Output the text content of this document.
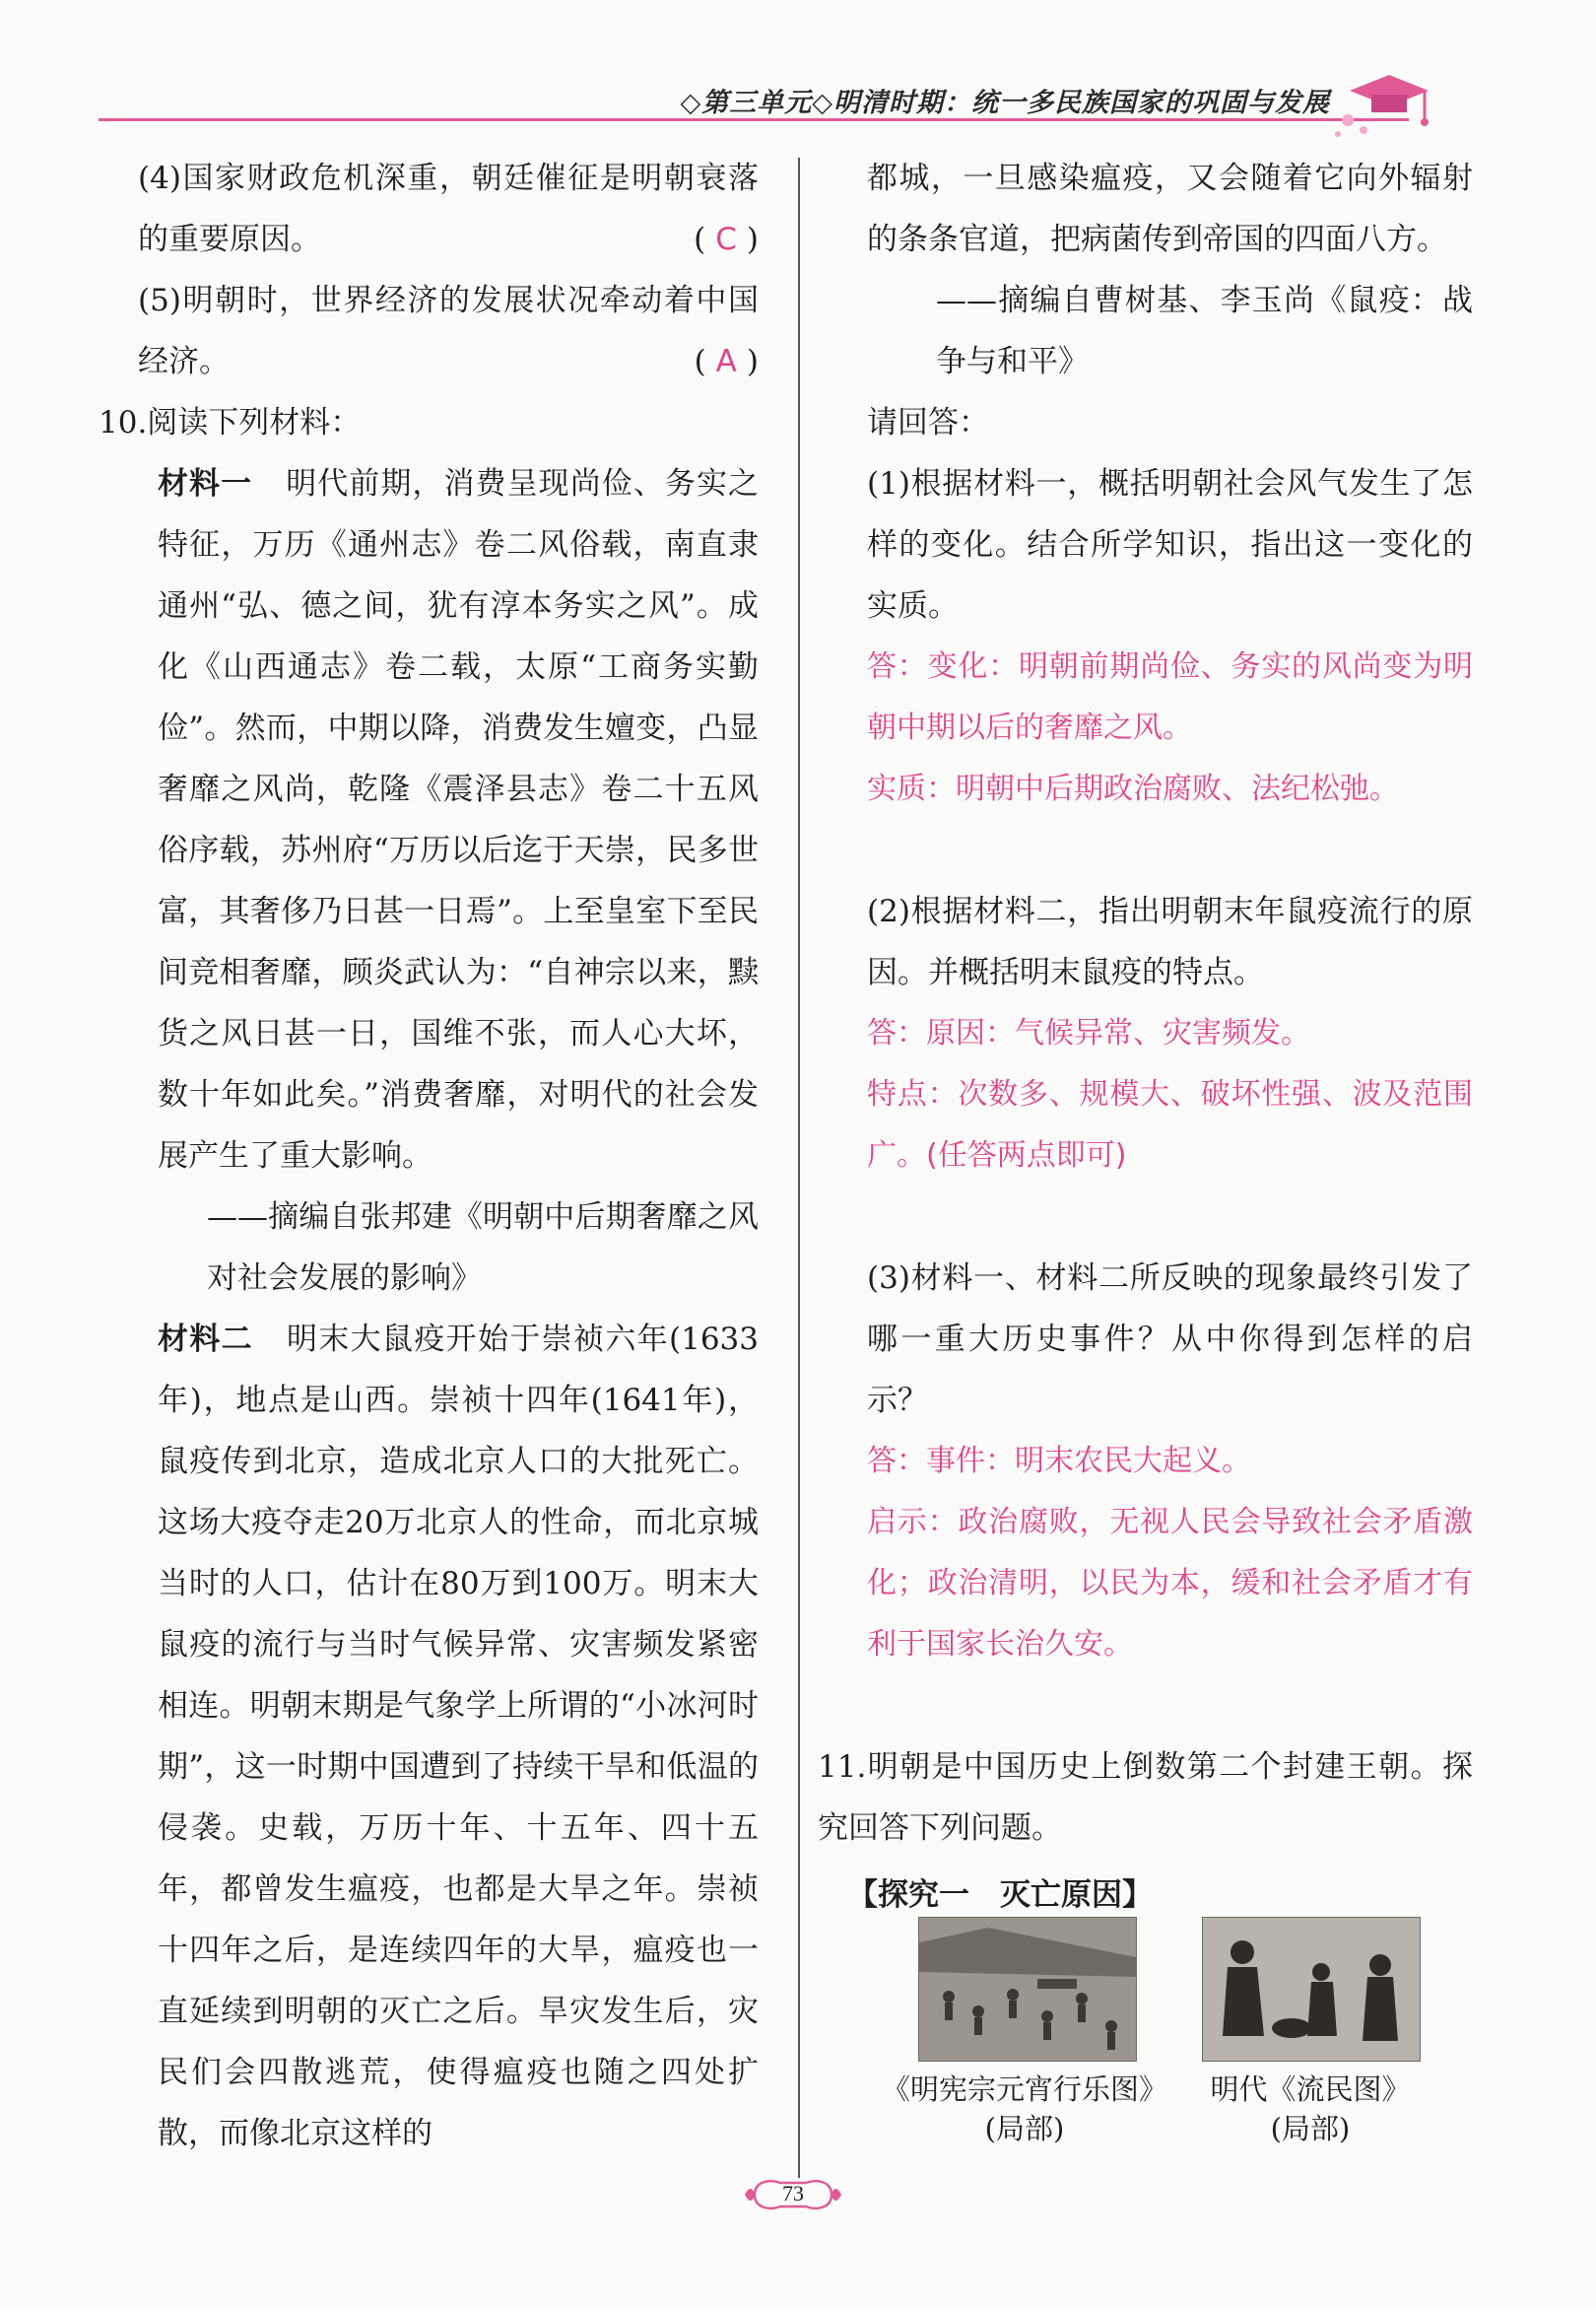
◇第三单元◇明清时期：统一多民族国家的巩固与发展

(4)国家财政危机深重，朝廷催征是明朝衰落的重要原因。	( C )

(5)明朝时，世界经济的发展状况牵动着中国经济。	( A )

10.阅读下列材料：

材料一 明代前期，消费呈现尚俭、务实之特征，万历《通州志》卷二风俗载，南直隶通州“弘、德之间，犹有淳本务实之风”。成化《山西通志》卷二载，太原“工商务实勤俭”。然而，中期以降，消费发生嬗变，凸显奢靡之风尚，乾隆《震泽县志》卷二十五风俗序载，苏州府“万历以后迄于天崇，民多世富，其奢侈乃日甚一日焉”。上至皇室下至民间竞相奢靡，顾炎武认为：“自神宗以来，黩货之风日甚一日，国维不张，而人心大坏，数十年如此矣。”消费奢靡，对明代的社会发展产生了重大影响。

——摘编自张邦建《明朝中后期奢靡之风对社会发展的影响》

材料二 明末大鼠疫开始于崇祯六年(1633年)，地点是山西。崇祯十四年(1641年)，鼠疫传到北京，造成北京人口的大批死亡。这场大疫夺走20万北京人的性命，而北京城当时的人口，估计在80万到100万。明末大鼠疫的流行与当时气候异常、灾害频发紧密相连。明朝末期是气象学上所谓的“小冰河时期”，这一时期中国遭到了持续干旱和低温的侵袭。史载，万历十年、十五年、四十五年，都曾发生瘟疫，也都是大旱之年。崇祯十四年之后，是连续四年的大旱，瘟疫也一直延续到明朝的灭亡之后。旱灾发生后，灾民们会四散逃荒，使得瘟疫也随之四处扩散，而像北京这样的

都城，一旦感染瘟疫，又会随着它向外辐射的条条官道，把病菌传到帝国的四面八方。

——摘编自曹树基、李玉尚《鼠疫：战争与和平》

请回答：

(1)根据材料一，概括明朝社会风气发生了怎样的变化。结合所学知识，指出这一变化的实质。

答：变化：明朝前期尚俭、务实的风尚变为明朝中期以后的奢靡之风。

实质：明朝中后期政治腐败、法纪松弛。

(2)根据材料二，指出明朝末年鼠疫流行的原因。并概括明末鼠疫的特点。

答：原因：气候异常、灾害频发。

特点：次数多、规模大、破坏性强、波及范围广。(任答两点即可)

(3)材料一、材料二所反映的现象最终引发了哪一重大历史事件？从中你得到怎样的启示？

答：事件：明末农民大起义。

启示：政治腐败，无视人民会导致社会矛盾激化；政治清明，以民为本，缓和社会矛盾才有利于国家长治久安。

11.明朝是中国历史上倒数第二个封建王朝。探究回答下列问题。

【探究一　灭亡原因】

《明宪宗元宵行乐图》
(局部)
明代《流民图》
(局部)
73
